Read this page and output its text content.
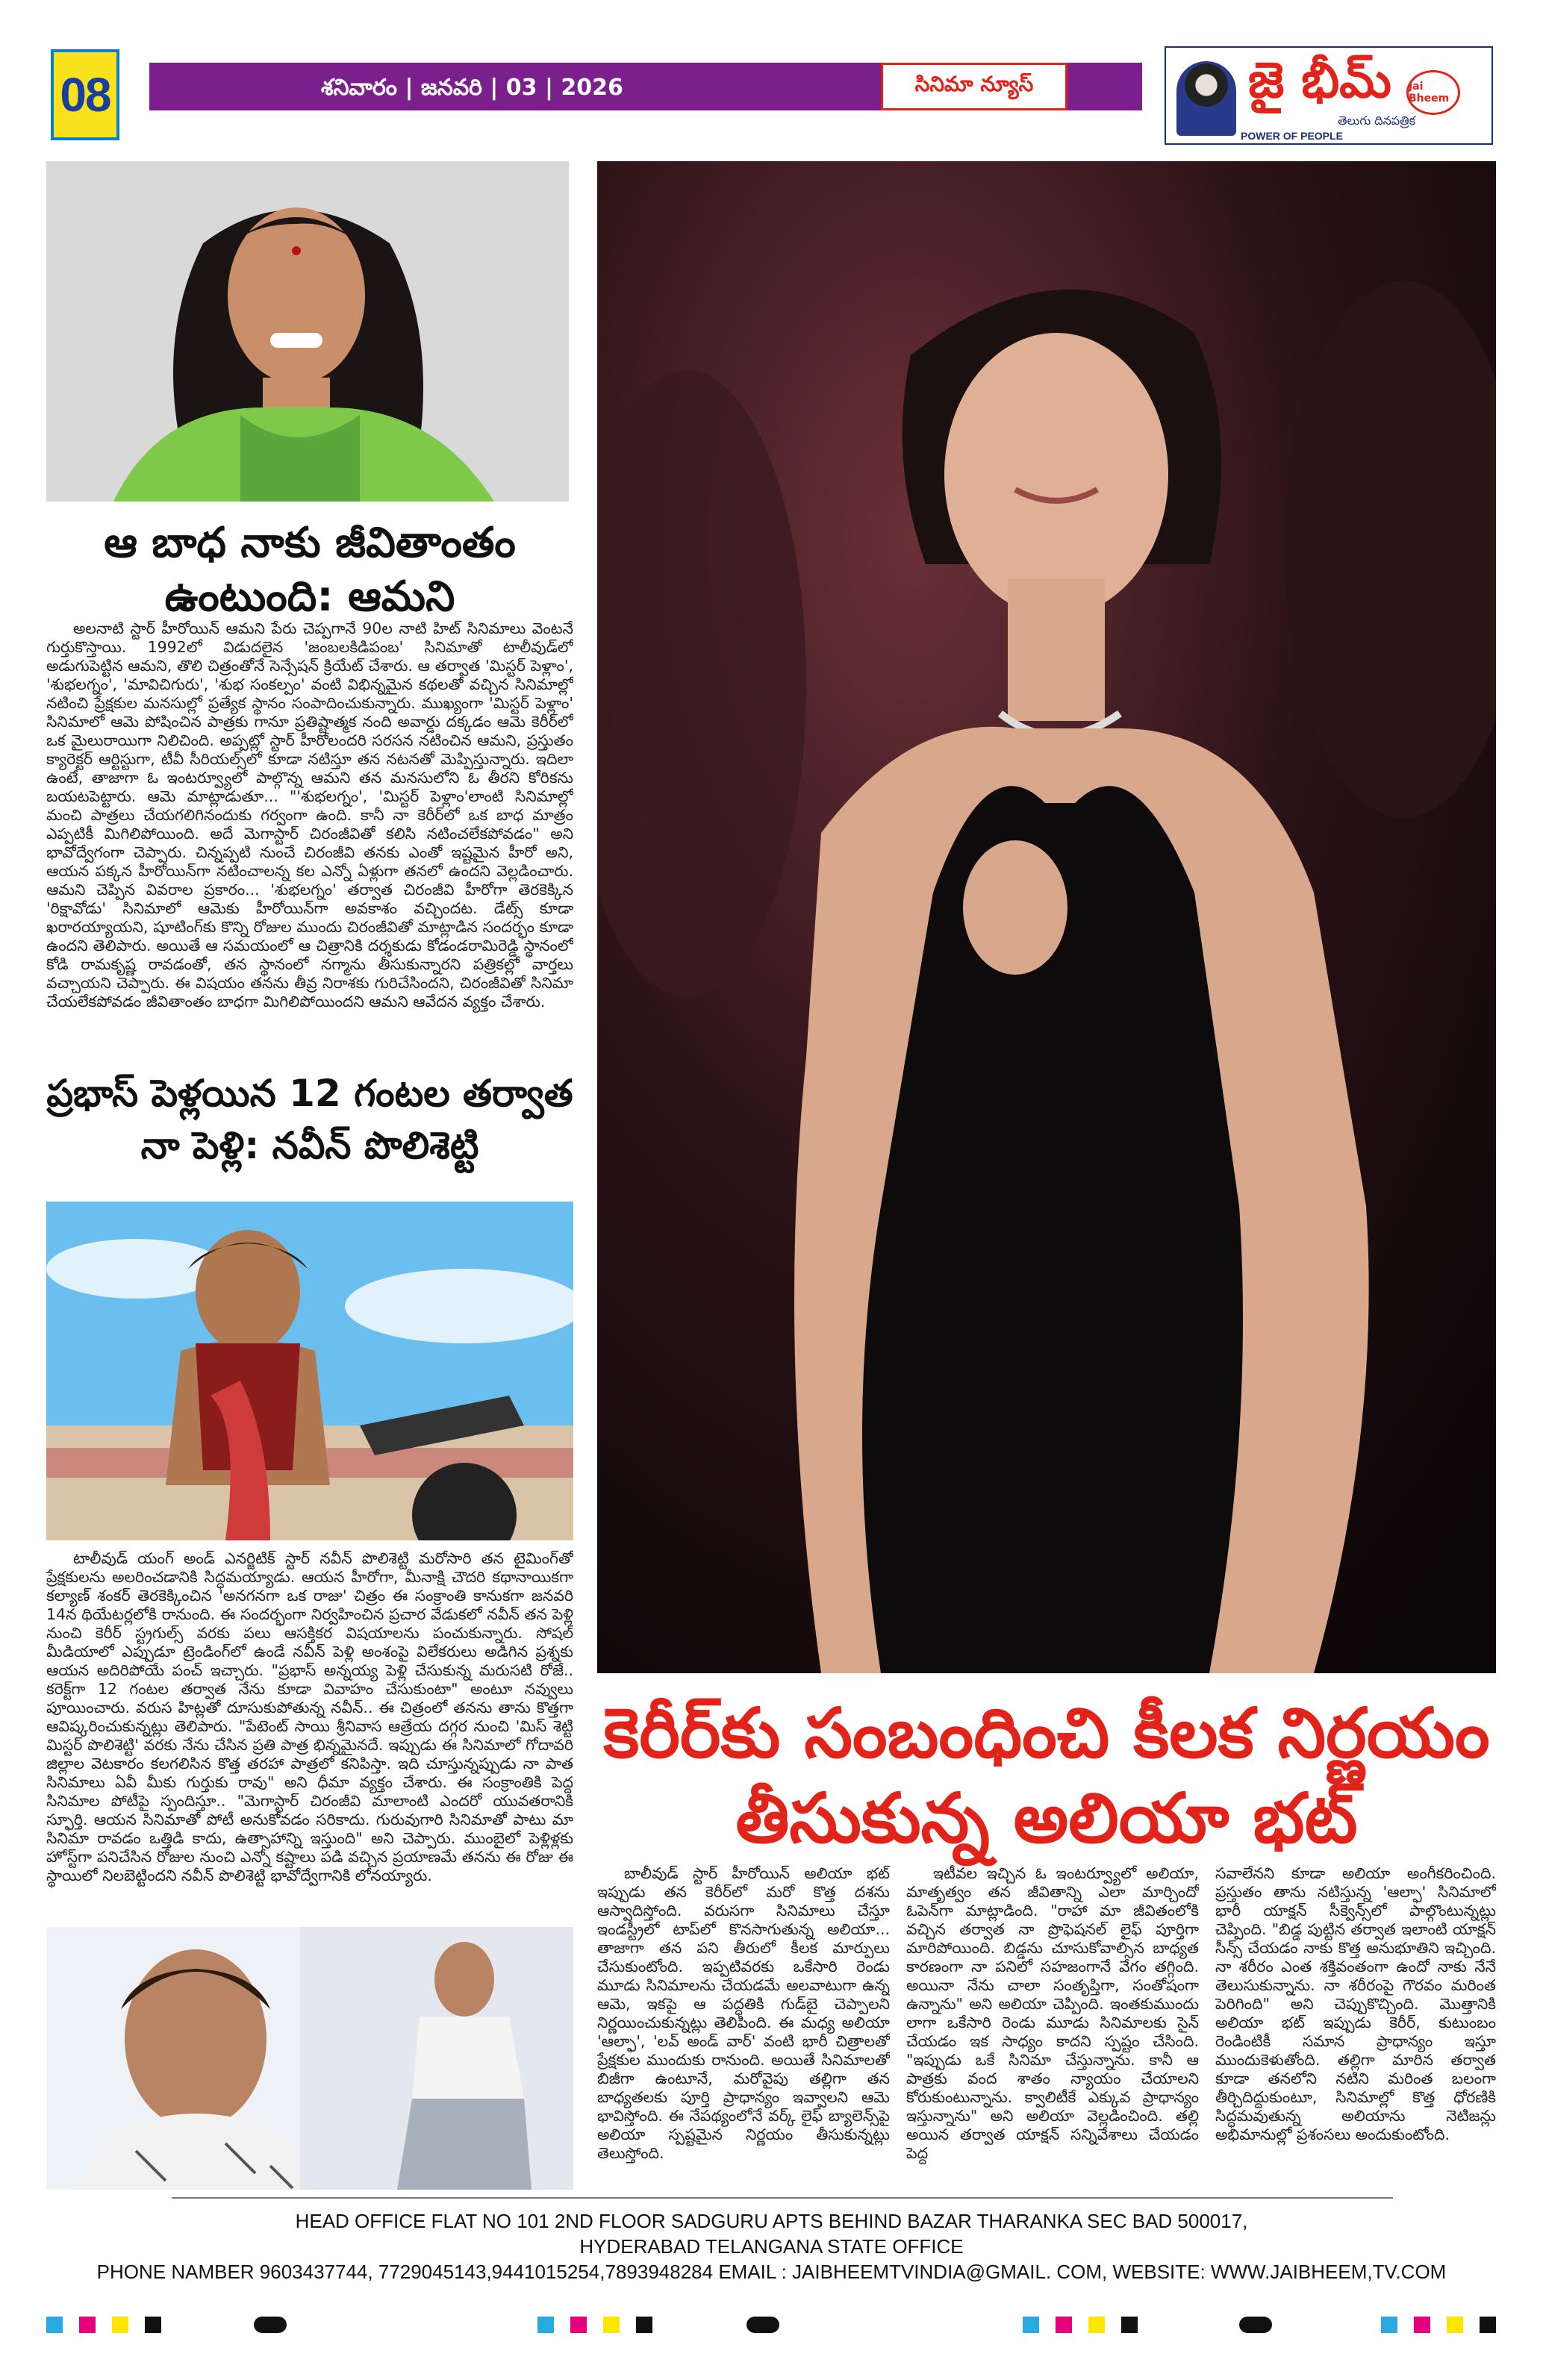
08	శనివారం | జనవరి | 03 | 2026	సినిమా న్యూస్	జై భీమ్
తెలుగు దినపత్రిక
POWER OF PEOPLE
Jai Bheem
ఆ బాధ నాకు జీవితాంతం ఉంటుంది: ఆమని
ప్రభాస్ పెళ్లయిన 12 గంటల తర్వాత నా పెళ్లి: నవీన్ పొలిశెట్టి
కెరీర్‌కు సంబంధించి కీలక నిర్ణయం తీసుకున్న అలియా భట్

అలనాటి స్టార్ హీరోయిన్ ఆమని పేరు చెప్పగానే 90ల నాటి హిట్ సినిమాలు వెంటనే గుర్తుకొస్తాయి. 1992లో విడుదలైన 'జంబలకిడిపంబ' సినిమాతో టాలీవుడ్‌లో అడుగుపెట్టిన ఆమని, తొలి చిత్రంతోనే సెన్సేషన్ క్రియేట్ చేశారు. ఆ తర్వాత 'మిస్టర్ పెళ్లాం', 'శుభలగ్నం', 'మావిచిగురు', 'శుభ సంకల్పం' వంటి విభిన్నమైన కథలతో వచ్చిన సినిమాల్లో నటించి ప్రేక్షకుల మనసుల్లో ప్రత్యేక స్థానం సంపాదించుకున్నారు. ముఖ్యంగా 'మిస్టర్ పెళ్లాం' సినిమాలో ఆమె పోషించిన పాత్రకు గానూ ప్రతిష్టాత్మక నంది అవార్డు దక్కడం ఆమె కెరీర్‌లో ఒక మైలురాయిగా నిలిచింది. అప్పట్లో స్టార్ హీరోలందరి సరసన నటించిన ఆమని, ప్రస్తుతం క్యారెక్టర్ ఆర్టిస్టుగా, టీవీ సీరియల్స్‌లో కూడా నటిస్తూ తన నటనతో మెప్పిస్తున్నారు. ఇదిలా ఉంటే, తాజాగా ఓ ఇంటర్వ్యూలో పాల్గొన్న ఆమని తన మనసులోని ఓ తీరని కోరికను బయటపెట్టారు. ఆమె మాట్లాడుతూ... "'శుభలగ్నం', 'మిస్టర్ పెళ్లాం'లాంటి సినిమాల్లో మంచి పాత్రలు చేయగలిగినందుకు గర్వంగా ఉంది. కానీ నా కెరీర్‌లో ఒక బాధ మాత్రం ఎప్పటికీ మిగిలిపోయింది. అదే మెగాస్టార్ చిరంజీవితో కలిసి నటించలేకపోవడం" అని భావోద్వేగంగా చెప్పారు. చిన్నప్పటి నుంచే చిరంజీవి తనకు ఎంతో ఇష్టమైన హీరో అని, ఆయన పక్కన హీరోయిన్‌గా నటించాలన్న కల ఎన్నో ఏళ్లుగా తనలో ఉందని వెల్లడించారు. ఆమని చెప్పిన వివరాల ప్రకారం... 'శుభలగ్నం' తర్వాత చిరంజీవి హీరోగా తెరకెక్కిన 'రిక్షావోడు' సినిమాలో ఆమెకు హీరోయిన్‌గా అవకాశం వచ్చిందట. డేట్స్ కూడా ఖరారయ్యాయని, షూటింగ్‌కు కొన్ని రోజుల ముందు చిరంజీవితో మాట్లాడిన సందర్భం కూడా ఉందని తెలిపారు. అయితే ఆ సమయంలో ఆ చిత్రానికి దర్శకుడు కోడండరామిరెడ్డి స్థానంలో కోడి రామకృష్ణ రావడంతో, తన స్థానంలో నగ్మాను తీసుకున్నారని పత్రికల్లో వార్తలు వచ్చాయని చెప్పారు. ఈ విషయం తనను తీవ్ర నిరాశకు గురిచేసిందని, చిరంజీవితో సినిమా చేయలేకపోవడం జీవితాంతం బాధగా మిగిలిపోయిందని ఆమని ఆవేదన వ్యక్తం చేశారు.

టాలీవుడ్ యంగ్ అండ్ ఎనర్జిటిక్ స్టార్ నవీన్ పొలిశెట్టి మరోసారి తన టైమింగ్‌తో ప్రేక్షకులను అలరించడానికి సిద్ధమయ్యాడు. ఆయన హీరోగా, మీనాక్షి చౌదరి కథానాయికగా కల్యాణ్ శంకర్ తెరకెక్కించిన 'అనగనగా ఒక రాజు' చిత్రం ఈ సంక్రాంతి కానుకగా జనవరి 14న థియేటర్లలోకి రానుంది. ఈ సందర్భంగా నిర్వహించిన ప్రచార వేడుకలో నవీన్ తన పెళ్లి నుంచి కెరీర్ స్ట్రగుల్స్ వరకు పలు ఆసక్తికర విషయాలను పంచుకున్నారు. సోషల్ మీడియాలో ఎప్పుడూ ట్రెండింగ్‌లో ఉండే నవీన్ పెళ్లి అంశంపై విలేకరులు అడిగిన ప్రశ్నకు ఆయన అదిరిపోయే పంచ్ ఇచ్చారు. "ప్రభాస్ అన్నయ్య పెళ్లి చేసుకున్న మరుసటి రోజే.. కరెక్ట్‌గా 12 గంటల తర్వాత నేను కూడా వివాహం చేసుకుంటా" అంటూ నవ్వులు పూయించారు. వరుస హిట్లతో దూసుకుపోతున్న నవీన్.. ఈ చిత్రంలో తనను తాను కొత్తగా ఆవిష్కరించుకున్నట్లు తెలిపారు. "పేటెంట్ సాయి శ్రీనివాస ఆత్రేయ దగ్గర నుంచి 'మిస్ శెట్టి మిస్టర్ పొలిశెట్టి' వరకు నేను చేసిన ప్రతి పాత్ర భిన్నమైనదే. ఇప్పుడు ఈ సినిమాలో గోదావరి జిల్లాల వెటకారం కలగలిసిన కొత్త తరహా పాత్రలో కనిపిస్తా. ఇది చూస్తున్నప్పుడు నా పాత సినిమాలు ఏవీ మీకు గుర్తుకు రావు" అని ధీమా వ్యక్తం చేశారు. ఈ సంక్రాంతికి పెద్ద సినిమాల పోటీపై స్పందిస్తూ.. "మెగాస్టార్ చిరంజీవి మాలాంటి ఎందరో యువతరానికి స్ఫూర్తి. ఆయన సినిమాతో పోటీ అనుకోవడం సరికాదు. గురువుగారి సినిమాతో పాటు మా సినిమా రావడం ఒత్తిడి కాదు, ఉత్సాహాన్ని ఇస్తుంది" అని చెప్పారు. ముంబైలో పెళ్లిళ్లకు హోస్ట్‌గా పనిచేసిన రోజుల నుంచి ఎన్నో కష్టాలు పడి వచ్చిన ప్రయాణమే తనను ఈ రోజు ఈ స్థాయిలో నిలబెట్టిందని నవీన్ పొలిశెట్టి భావోద్వేగానికి లోనయ్యారు.	బాలీవుడ్ స్టార్ హీరోయిన్ అలియా భట్ ఇప్పుడు తన కెరీర్‌లో మరో కొత్త దశను ఆస్వాదిస్తోంది. వరుసగా సినిమాలు చేస్తూ ఇండస్ట్రీలో టాప్‌లో కొనసాగుతున్న అలియా... తాజాగా తన పని తీరులో కీలక మార్పులు చేసుకుంటోంది. ఇప్పటివరకు ఒకేసారి రెండు మూడు సినిమాలను చేయడమే అలవాటుగా ఉన్న ఆమె, ఇకపై ఆ పద్ధతికి గుడ్‌బై చెప్పాలని నిర్ణయించుకున్నట్లు తెలిపింది. ఈ మధ్య అలియా 'ఆల్ఫా', 'లవ్ అండ్ వార్' వంటి భారీ చిత్రాలతో ప్రేక్షకుల ముందుకు రానుంది. అయితే సినిమాలతో బిజీగా ఉంటూనే, మరోవైపు తల్లిగా తన బాధ్యతలకు పూర్తి ప్రాధాన్యం ఇవ్వాలని ఆమె భావిస్తోంది. ఈ నేపథ్యంలోనే వర్క్ లైఫ్ బ్యాలెన్స్‌పై అలియా స్పష్టమైన నిర్ణయం తీసుకున్నట్లు తెలుస్తోంది.

ఇటీవల ఇచ్చిన ఓ ఇంటర్వ్యూలో అలియా, మాతృత్వం తన జీవితాన్ని ఎలా మార్చిందో ఓపెన్‌గా మాట్లాడింది. "రాహా మా జీవితంలోకి వచ్చిన తర్వాత నా ప్రొఫెషనల్ లైఫ్ పూర్తిగా మారిపోయింది. బిడ్డను చూసుకోవాల్సిన బాధ్యత కారణంగా నా పనిలో సహజంగానే వేగం తగ్గింది. అయినా నేను చాలా సంతృప్తిగా, సంతోషంగా ఉన్నాను" అని అలియా చెప్పింది. ఇంతకుముందు లాగా ఒకేసారి రెండు మూడు సినిమాలకు సైన్ చేయడం ఇక సాధ్యం కాదని స్పష్టం చేసింది. "ఇప్పుడు ఒకే సినిమా చేస్తున్నాను. కానీ ఆ పాత్రకు వంద శాతం న్యాయం చేయాలని కోరుకుంటున్నాను. క్వాలిటీకే ఎక్కువ ప్రాధాన్యం ఇస్తున్నాను" అని అలియా వెల్లడించింది. తల్లి అయిన తర్వాత యాక్షన్ సన్నివేశాలు చేయడం పెద్ద

సవాలేనని కూడా అలియా అంగీకరించింది. ప్రస్తుతం తాను నటిస్తున్న 'ఆల్ఫా' సినిమాలో భారీ యాక్షన్ సీక్వెన్స్‌లో పాల్గొంటున్నట్లు చెప్పింది. "బిడ్డ పుట్టిన తర్వాత ఇలాంటి యాక్షన్ సీన్స్ చేయడం నాకు కొత్త అనుభూతిని ఇచ్చింది. నా శరీరం ఎంత శక్తివంతంగా ఉందో నాకు నేనే తెలుసుకున్నాను. నా శరీరంపై గౌరవం మరింత పెరిగింది" అని చెప్పుకొచ్చింది. మొత్తానికి అలియా భట్ ఇప్పుడు కెరీర్, కుటుంబం రెండింటికీ సమాన ప్రాధాన్యం ఇస్తూ ముందుకెళుతోంది. తల్లిగా మారిన తర్వాత కూడా తనలోని నటిని మరింత బలంగా తీర్చిదిద్దుకుంటూ, సినిమాల్లో కొత్త ధోరణికి సిద్ధమవుతున్న అలియాను నెటిజన్లు అభిమానుల్లో ప్రశంసలు అందుకుంటోంది.

HEAD OFFICE FLAT NO 101 2ND FLOOR SADGURU APTS BEHIND BAZAR THARANKA SEC BAD 500017,
HYDERABAD TELANGANA STATE OFFICE
PHONE NAMBER 9603437744, 7729045143,9441015254,7893948284 EMAIL : JAIBHEEMTVINDIA@GMAIL. COM, WEBSITE: WWW.JAIBHEEM,TV.COM
